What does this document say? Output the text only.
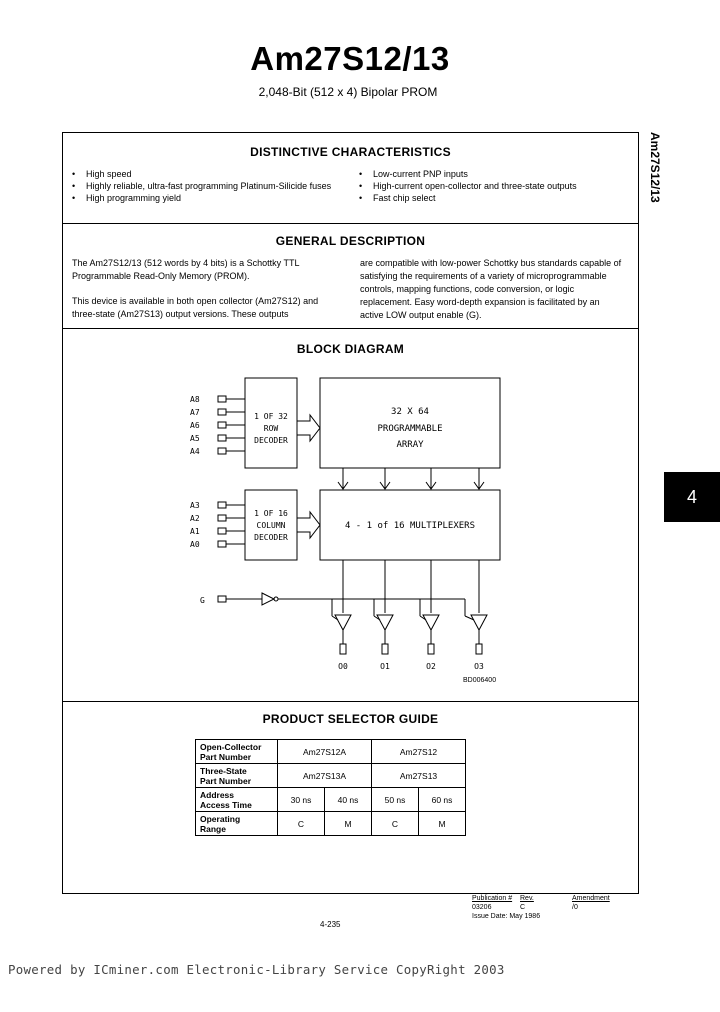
Am27S12/13
2,048-Bit (512 x 4) Bipolar PROM
Am27S12/13
4
DISTINCTIVE CHARACTERISTICS
• High speed
• Highly reliable, ultra-fast programming Platinum-Silicide fuses
• High programming yield
• Low-current PNP inputs
• High-current open-collector and three-state outputs
• Fast chip select
GENERAL DESCRIPTION
The Am27S12/13 (512 words by 4 bits) is a Schottky TTL Programmable Read-Only Memory (PROM).
This device is available in both open collector (Am27S12) and three-state (Am27S13) output versions. These outputs
are compatible with low-power Schottky bus standards capable of satisfying the requirements of a variety of microprogrammable controls, mapping functions, code conversion, or logic replacement. Easy word-depth expansion is facilitated by an active LOW output enable (G).
BLOCK DIAGRAM
A8
A7
A6
A5
A4
1 OF 32
ROW
DECODER
32 X 64
PROGRAMMABLE
ARRAY
A3
A2
A1
A0
1 OF 16
COLUMN
DECODER
4 - 1 of 16 MULTIPLEXERS
G
O0	O1	O2	O3
BD006400
PRODUCT SELECTOR GUIDE
Open-Collector
Part Number	Am27S12A		Am27S12	
Three-State
Part Number	Am27S13A		Am27S13	
Address
Access Time	30 ns	40 ns	50 ns	60 ns
Operating
Range	C	M	C	M
Publication #	Rev.	Amendment
03206	C	/0
Issue Date: May 1986
4-235
Powered by ICminer.com Electronic-Library Service CopyRight 2003
